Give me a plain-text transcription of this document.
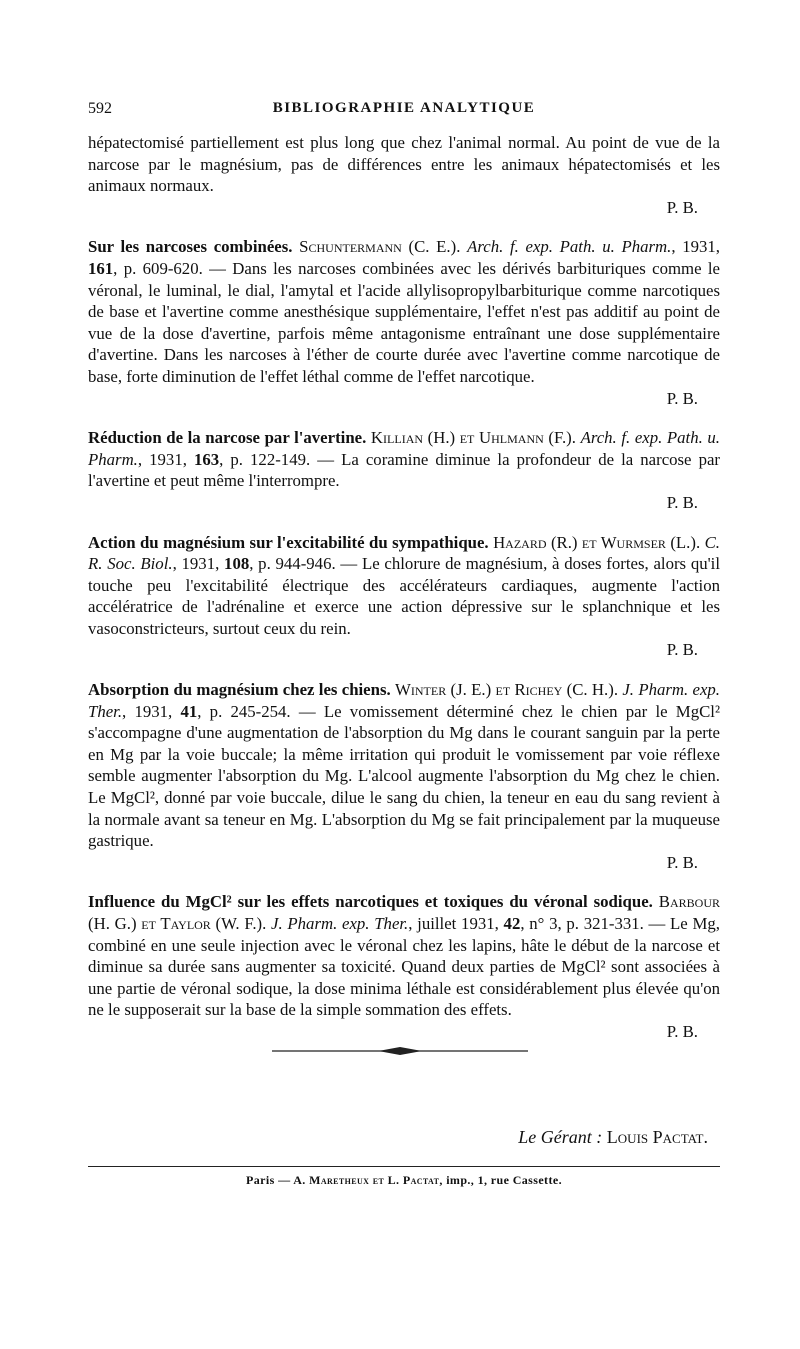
592	BIBLIOGRAPHIE ANALYTIQUE

hépatectomisé partiellement est plus long que chez l'animal normal. Au point de vue de la narcose par le magnésium, pas de différences entre les animaux hépatectomisés et les animaux normaux.
P. B.

Sur les narcoses combinées. Schuntermann (C. E.). Arch. f. exp. Path. u. Pharm., 1931, 161, p. 609-620. — Dans les narcoses combinées avec les dérivés barbituriques comme le véronal, le luminal, le dial, l'amytal et l'acide allylisopropylbarbiturique comme narcotiques de base et l'avertine comme anesthésique supplémentaire, l'effet n'est pas additif au point de vue de la dose d'avertine, parfois même antagonisme entraînant une dose supplémentaire d'avertine. Dans les narcoses à l'éther de courte durée avec l'avertine comme narcotique de base, forte diminution de l'effet léthal comme de l'effet narcotique.
P. B.

Réduction de la narcose par l'avertine. Killian (H.) et Uhlmann (F.). Arch. f. exp. Path. u. Pharm., 1931, 163, p. 122-149. — La coramine diminue la profondeur de la narcose par l'avertine et peut même l'interrompre.
P. B.

Action du magnésium sur l'excitabilité du sympathique. Hazard (R.) et Wurmser (L.). C. R. Soc. Biol., 1931, 108, p. 944-946. — Le chlorure de magnésium, à doses fortes, alors qu'il touche peu l'excitabilité électrique des accélérateurs cardiaques, augmente l'action accélératrice de l'adrénaline et exerce une action dépressive sur le splanchnique et les vasoconstricteurs, surtout ceux du rein.
P. B.

Absorption du magnésium chez les chiens. Winter (J. E.) et Richey (C. H.). J. Pharm. exp. Ther., 1931, 41, p. 245-254. — Le vomissement déterminé chez le chien par le MgCl² s'accompagne d'une augmentation de l'absorption du Mg dans le courant sanguin par la perte en Mg par la voie buccale; la même irritation qui produit le vomissement par voie réflexe semble augmenter l'absorption du Mg. L'alcool augmente l'absorption du Mg chez le chien. Le MgCl², donné par voie buccale, dilue le sang du chien, la teneur en eau du sang revient à la normale avant sa teneur en Mg. L'absorption du Mg se fait principalement par la muqueuse gastrique.
P. B.

Influence du MgCl² sur les effets narcotiques et toxiques du véronal sodique. Barbour (H. G.) et Taylor (W. F.). J. Pharm. exp. Ther., juillet 1931, 42, n° 3, p. 321-331. — Le Mg, combiné en une seule injection avec le véronal chez les lapins, hâte le début de la narcose et diminue sa durée sans augmenter sa toxicité. Quand deux parties de MgCl² sont associées à une partie de véronal sodique, la dose minima léthale est considérablement plus élevée qu'on ne le supposerait sur la base de la simple sommation des effets.
P. B.

Le Gérant : Louis Pactat.
Paris — A. Maretheux et L. Pactat, imp., 1, rue Cassette.
